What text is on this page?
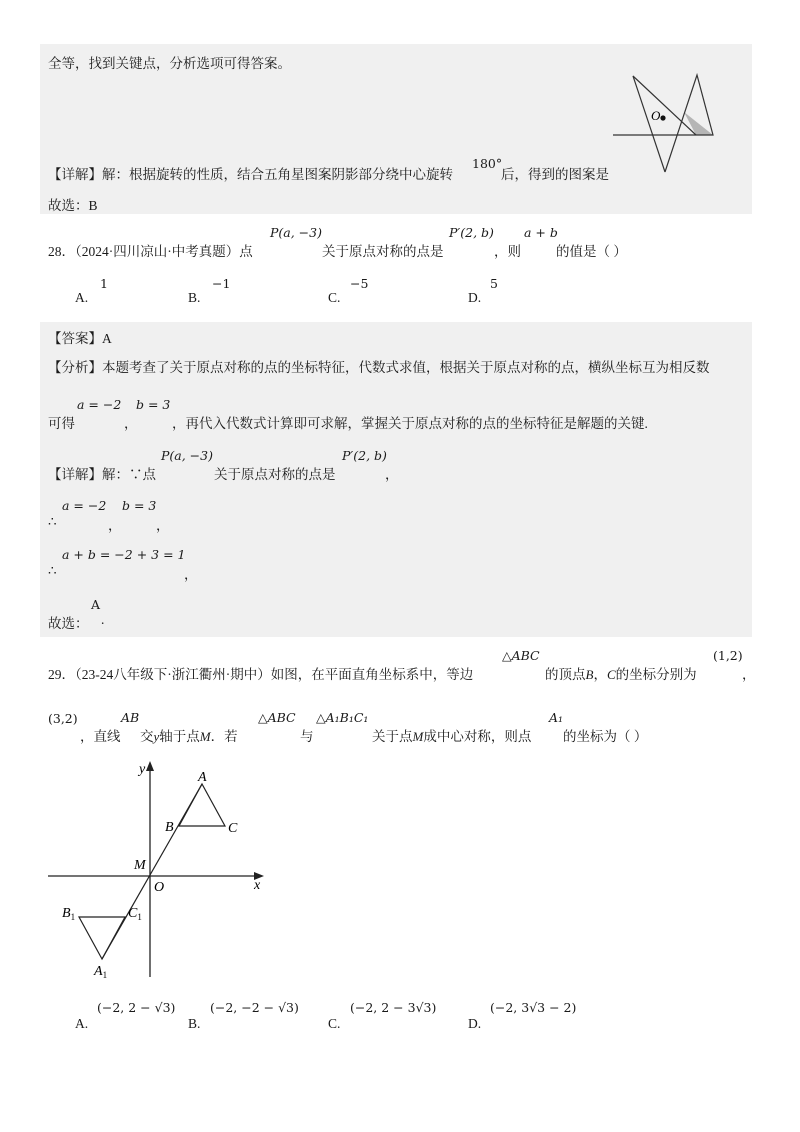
全等，找到关键点，分析选项可得答案。
O
【详解】解：根据旋转的性质，结合五角星图案阴影部分绕中心旋转
180°
后，得到的图案是
故选：B
28．（2024·四川凉山·中考真题）点
P(a, −3)
关于原点对称的点是
P′(2, b)
，则
a + b
的值是（ ）
A.
1
B.
−1
C.
−5
D.
5
【答案】A
【分析】本题考查了关于原点对称的点的坐标特征，代数式求值，根据关于原点对称的点，横纵坐标互为相反数
可得
a = −2
，
b = 3
，再代入代数式计算即可求解，掌握关于原点对称的点的坐标特征是解题的关键.
【详解】解：∵点
P(a, −3)
关于原点对称的点是
P′(2, b)
，
∴
a = −2
，
b = 3
，
∴
a + b = −2 + 3 = 1
，
故选：
A
.
29．（23-24八年级下·浙江衢州·期中）如图，在平面直角坐标系中，等边
△ABC
的顶点B，C的坐标分别为
(1,2)
，
(3,2)
，直线
AB
交y轴于点M．若
△ABC
与
△A₁B₁C₁
关于点M成中心对称，则点
A₁
的坐标为（ ）
y
x
O
M
A
B	C
$B_1$	$C_1$
$A_1$
A.
(−2, 2 − √3)
B.
(−2, −2 − √3)
C.
(−2, 2 − 3√3)
D.
(−2, 3√3 − 2)
